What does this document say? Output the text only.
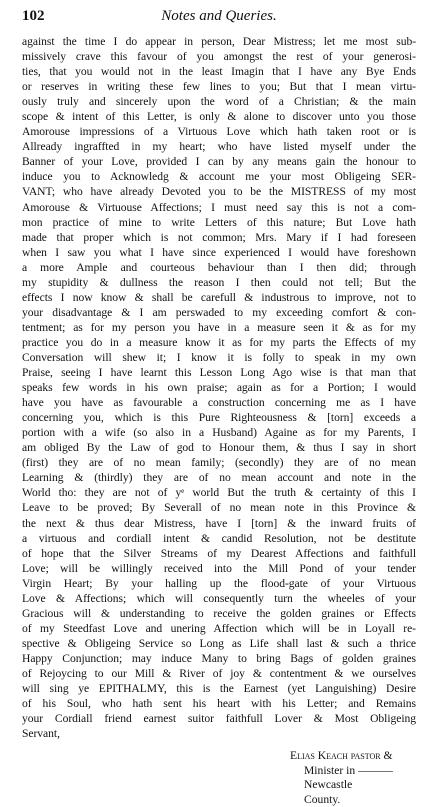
102	Notes and Queries.
against the time I do appear in person, Dear Mistress; let me most sub-
missively crave this favour of you amongst the rest of your generosi-
ties, that you would not in the least Imagin that I have any Bye Ends
or reserves in writing these few lines to you; But that I mean virtu-
ously truly and sincerely upon the word of a Christian; & the main
scope & intent of this Letter, is only & alone to discover unto you those
Amorouse impressions of a Virtuous Love which hath taken root or is
Allready ingraffted in my heart; who have listed myself under the
Banner of your Love, provided I can by any means gain the honour to
induce you to Acknowledg & account me your most Obligeing SER-
VANT; who have already Devoted you to be the MISTRESS of my most
Amorouse & Virtuouse Affections; I must need say this is not a com-
mon practice of mine to write Letters of this nature; But Love hath
made that proper which is not common; Mrs. Mary if I had foreseen
when I saw you what I have since experienced I would have foreshown
a more Ample and courteous behaviour than I then did; through
my stupidity & dullness the reason I then could not tell; But the
effects I now know & shall be carefull & industrous to improve, not to
your disadvantage & I am perswaded to my exceeding comfort & con-
tentment; as for my person you have in a measure seen it & as for my
practice you do in a measure know it as for my parts the Effects of my
Conversation will shew it; I know it is folly to speak in my own
Praise, seeing I have learnt this Lesson Long Ago wise is that man that
speaks few words in his own praise; again as for a Portion; I would
have you have as favourable a construction concerning me as I have
concerning you, which is this Pure Righteousness & [torn] exceeds a
portion with a wife (so also in a Husband) Againe as for my Parents, I
am obliged By the Law of god to Honour them, & thus I say in short
(first) they are of no mean family; (secondly) they are of no mean
Learning & (thirdly) they are of no mean account and note in the
World tho: they are not of yᵉ world But the truth & certainty of this I
Leave to be proved; By Severall of no mean note in this Province &
the next & thus dear Mistress, have I [torn] & the inward fruits of
a virtuous and cordiall intent & candid Resolution, not be destitute
of hope that the Silver Streams of my Dearest Affections and faithfull
Love; will be willingly received into the Mill Pond of your tender
Virgin Heart; By your halling up the flood-gate of your Virtuous
Love & Affections; which will consequently turn the wheeles of your
Gracious will & understanding to receive the golden graines or Effects
of my Steedfast Love and unering Affection which will be in Loyall re-
spective & Obligeing Service so Long as Life shall last & such a thrice
Happy Conjunction; may induce Many to bring Bags of golden graines
of Rejoycing to our Mill & River of joy & contentment & we ourselves
will sing ye EPITHALMY, this is the Earnest (yet Languishing) Desire
of his Soul, who hath sent his heart with his Letter; and Remains
your Cordiall friend earnest suitor faithfull Lover & Most Obligeing
Servant,
Elias Keach pastor &
Minister in ——— Newcastle
County.
